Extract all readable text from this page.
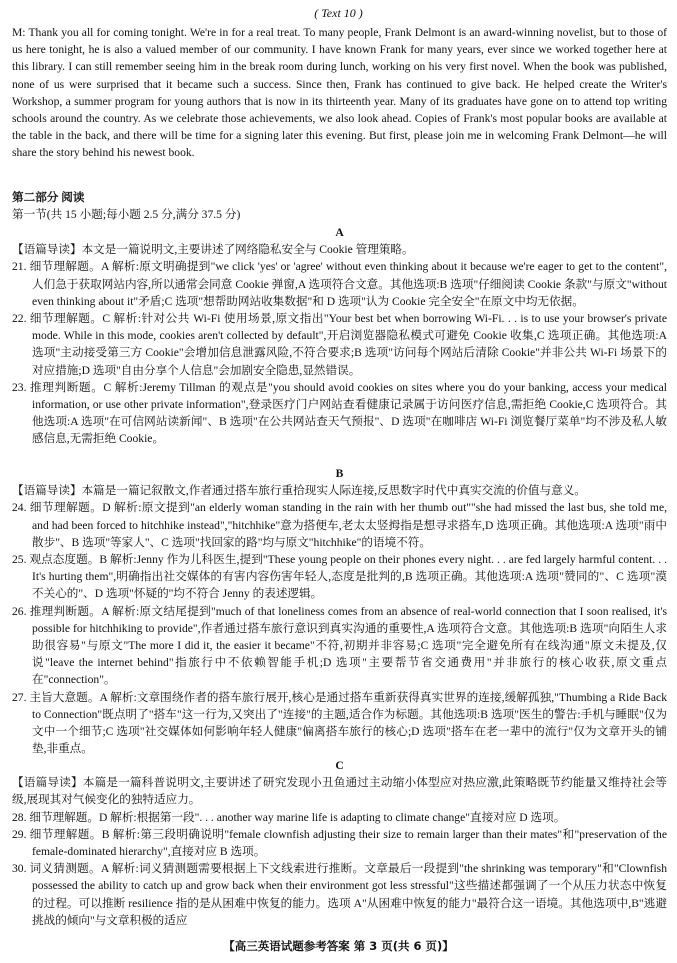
( Text 10 )

M: Thank you all for coming tonight. We're in for a real treat. To many people, Frank Delmont is an award-winning novelist, but to those of us here tonight, he is also a valued member of our community. I have known Frank for many years, ever since we worked together here at this library. I can still remember seeing him in the break room during lunch, working on his very first novel. When the book was published, none of us were surprised that it became such a success. Since then, Frank has continued to give back. He helped create the Writer's Workshop, a summer program for young authors that is now in its thirteenth year. Many of its graduates have gone on to attend top writing schools around the country. As we celebrate those achievements, we also look ahead. Copies of Frank's most popular books are available at the table in the back, and there will be time for a signing later this evening. But first, please join me in welcoming Frank Delmont—he will share the story behind his newest book.

第二部分 阅读

第一节(共 15 小题;每小题 2.5 分,满分 37.5 分)

A

【语篇导读】本文是一篇说明文,主要讲述了网络隐私安全与 Cookie 管理策略。

21. 细节理解题。A 解析:原文明确提到"we click 'yes' or 'agree' without even thinking about it because we're eager to get to the content",人们急于获取网站内容,所以通常会同意 Cookie 弹窗,A 选项符合文意。其他选项:B 选项"仔细阅读 Cookie 条款"与原文"without even thinking about it"矛盾;C 选项"想帮助网站收集数据"和 D 选项"认为 Cookie 完全安全"在原文中均无依据。

22. 细节理解题。C 解析:针对公共 Wi-Fi 使用场景,原文指出"Your best bet when borrowing Wi-Fi. . . is to use your browser's private mode. While in this mode, cookies aren't collected by default",开启浏览器隐私模式可避免 Cookie 收集,C 选项正确。其他选项:A 选项"主动接受第三方 Cookie"会增加信息泄露风险,不符合要求;B 选项"访问每个网站后清除 Cookie"并非公共 Wi-Fi 场景下的对应措施;D 选项"自由分享个人信息"会加剧安全隐患,显然错误。

23. 推理判断题。C 解析:Jeremy Tillman 的观点是"you should avoid cookies on sites where you do your banking, access your medical information, or use other private information",登录医疗门户网站查看健康记录属于访问医疗信息,需拒绝 Cookie,C 选项符合。其他选项:A 选项"在可信网站读新闻"、B 选项"在公共网站查天气预报"、D 选项"在咖啡店 Wi-Fi 浏览餐厅菜单"均不涉及私人敏感信息,无需拒绝 Cookie。

B

【语篇导读】本篇是一篇记叙散文,作者通过搭车旅行重拾现实人际连接,反思数字时代中真实交流的价值与意义。

24. 细节理解题。D 解析:原文提到"an elderly woman standing in the rain with her thumb out""she had missed the last bus, she told me, and had been forced to hitchhike instead","hitchhike"意为搭便车,老太太竖拇指是想寻求搭车,D 选项正确。其他选项:A 选项"雨中散步"、B 选项"等家人"、C 选项"找回家的路"均与原文"hitchhike"的语境不符。

25. 观点态度题。B 解析:Jenny 作为儿科医生,提到"These young people on their phones every night. . . are fed largely harmful content. . . It's hurting them",明确指出社交媒体的有害内容伤害年轻人,态度是批判的,B 选项正确。其他选项:A 选项"赞同的"、C 选项"漠不关心的"、D 选项"怀疑的"均不符合 Jenny 的表述逻辑。

26. 推理判断题。A 解析:原文结尾提到"much of that loneliness comes from an absence of real-world connection that I soon realised, it's possible for hitchhiking to provide",作者通过搭车旅行意识到真实沟通的重要性,A 选项符合文意。其他选项:B 选项"向陌生人求助很容易"与原文"The more I did it, the easier it became"不符,初期并非容易;C 选项"完全避免所有在线沟通"原文未提及,仅说"leave the internet behind"指旅行中不依赖智能手机;D 选项"主要帮节省交通费用"并非旅行的核心收获,原文重点在"connection"。

27. 主旨大意题。A 解析:文章围绕作者的搭车旅行展开,核心是通过搭车重新获得真实世界的连接,缓解孤独,"Thumbing a Ride Back to Connection"既点明了"搭车"这一行为,又突出了"连接"的主题,适合作为标题。其他选项:B 选项"医生的警告:手机与睡眠"仅为文中一个细节;C 选项"社交媒体如何影响年轻人健康"偏离搭车旅行的核心;D 选项"搭车在老一辈中的流行"仅为文章开头的铺垫,非重点。

C

【语篇导读】本篇是一篇科普说明文,主要讲述了研究发现小丑鱼通过主动缩小体型应对热应激,此策略既节约能量又维持社会等级,展现其对气候变化的独特适应力。

28. 细节理解题。D 解析:根据第一段". . . another way marine life is adapting to climate change"直接对应 D 选项。

29. 细节理解题。B 解析:第三段明确说明"female clownfish adjusting their size to remain larger than their mates"和"preservation of the female-dominated hierarchy",直接对应 B 选项。

30. 词义猜测题。A 解析:词义猜测题需要根据上下文线索进行推断。文章最后一段提到"the shrinking was temporary"和"Clownfish possessed the ability to catch up and grow back when their environment got less stressful"这些描述都强调了一个从压力状态中恢复的过程。可以推断 resilience 指的是从困难中恢复的能力。选项 A"从困难中恢复的能力"最符合这一语境。其他选项中,B"逃避挑战的倾向"与文章积极的适应

【高三英语试题参考答案 第 3 页(共 6 页)】
